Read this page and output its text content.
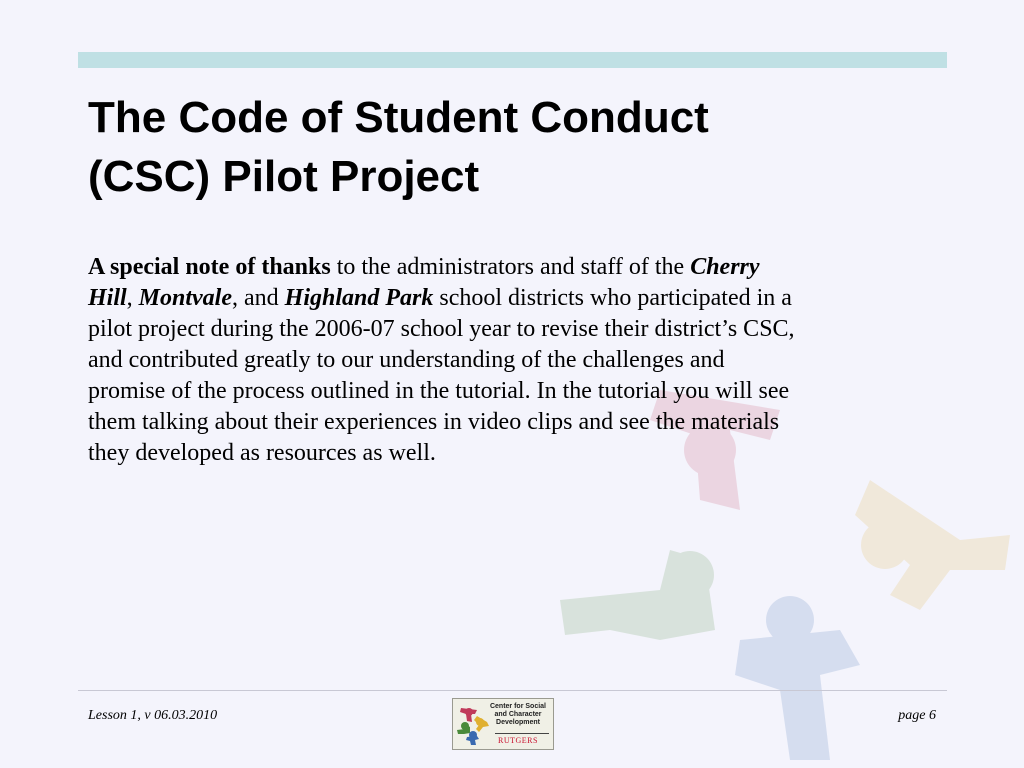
The Code of Student Conduct
(CSC) Pilot Project
A special note of thanks to the administrators and staff of the Cherry
Hill, Montvale, and Highland Park school districts who participated in a
pilot project during the 2006-07 school year to revise their district’s CSC,
and contributed greatly to our understanding of the challenges and
promise of the process outlined in the tutorial. In the tutorial you will see
them talking about their experiences in video clips and see the materials
they developed as resources as well.
Lesson 1, v 06.03.2010
Center for Social
and Character
Development
RUTGERS
page 6
